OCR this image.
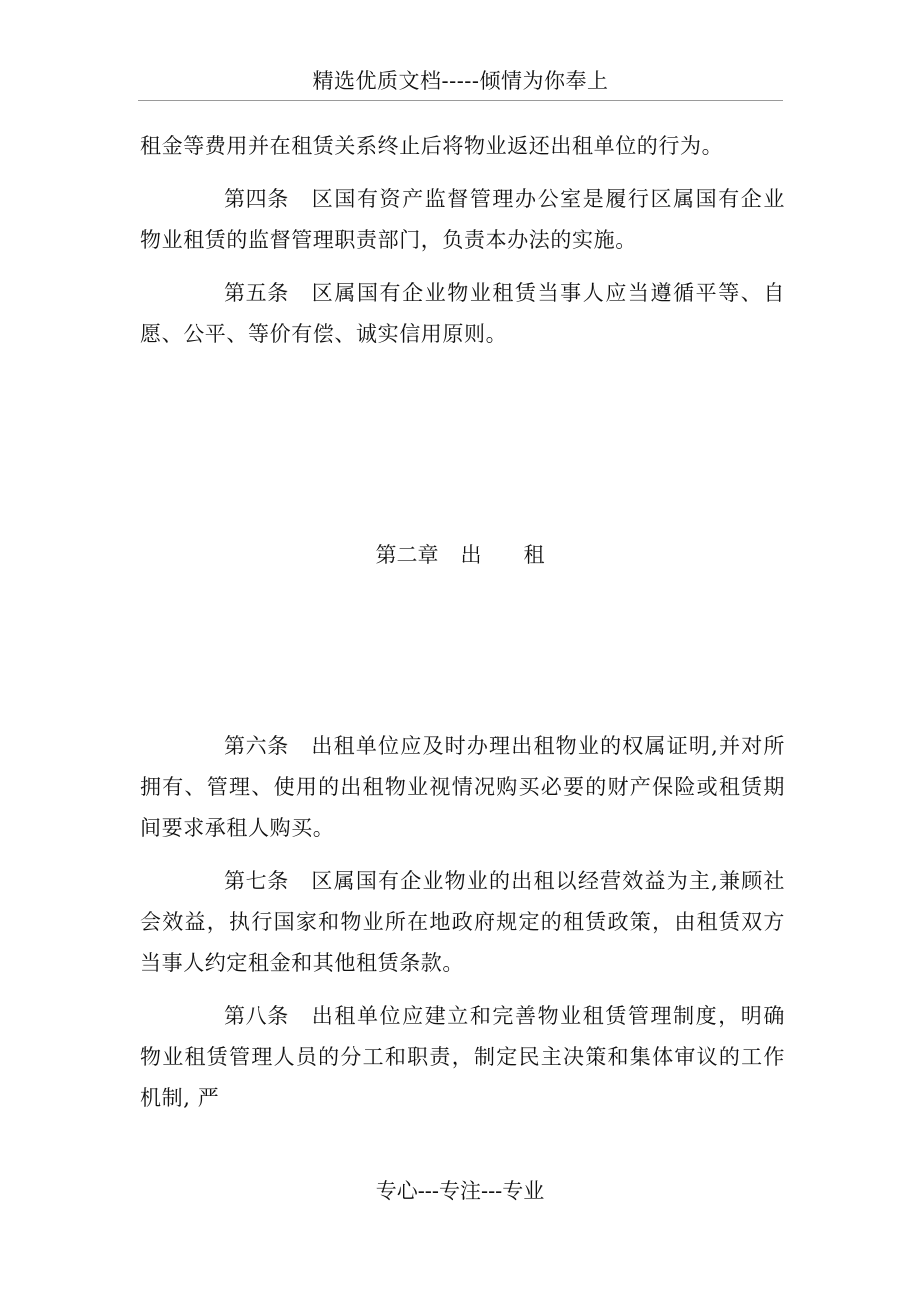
精选优质文档-----倾情为你奉上

租金等费用并在租赁关系终止后将物业返还出租单位的行为。

第四条 区国有资产监督管理办公室是履行区属国有企业物业租赁的监督管理职责部门，负责本办法的实施。

第五条 区属国有企业物业租赁当事人应当遵循平等、自愿、公平、等价有偿、诚实信用原则。

第二章 出 租

第六条 出租单位应及时办理出租物业的权属证明,并对所拥有、管理、使用的出租物业视情况购买必要的财产保险或租赁期间要求承租人购买。

第七条 区属国有企业物业的出租以经营效益为主,兼顾社会效益，执行国家和物业所在地政府规定的租赁政策，由租赁双方当事人约定租金和其他租赁条款。

第八条 出租单位应建立和完善物业租赁管理制度，明确物业租赁管理人员的分工和职责，制定民主决策和集体审议的工作机制, 严

专心---专注---专业
